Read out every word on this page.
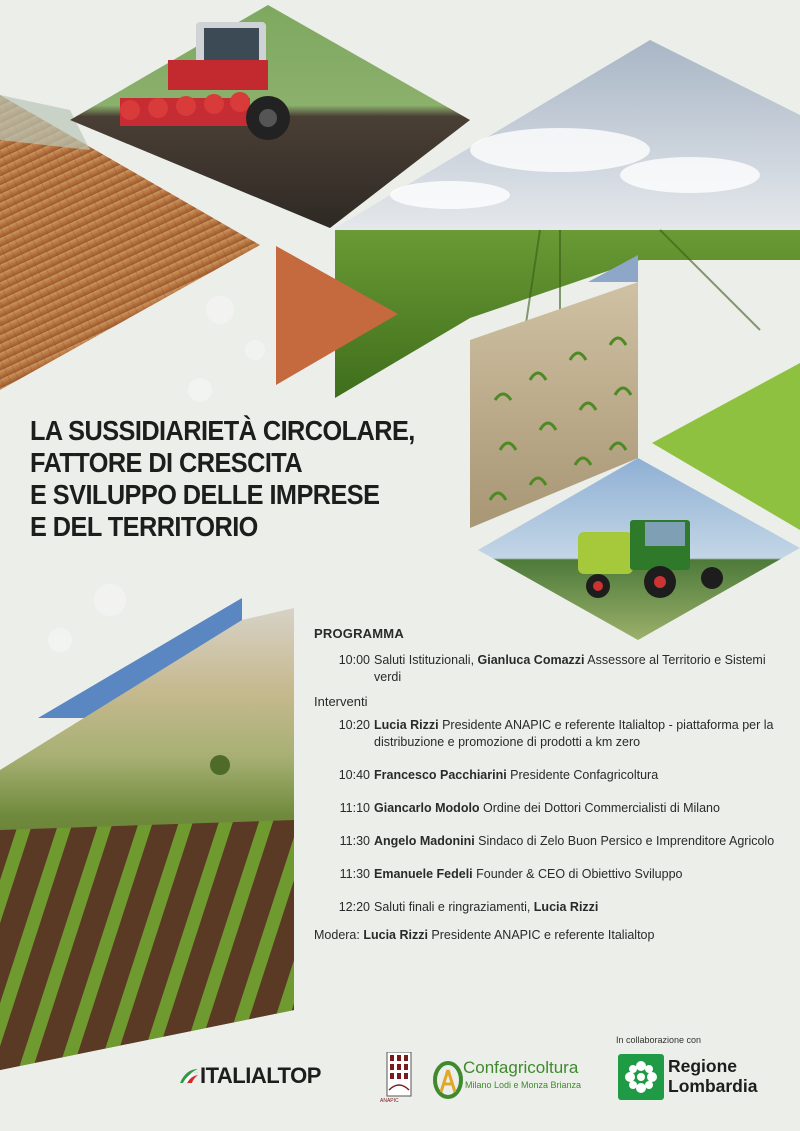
LA SUSSIDIARIETÀ CIRCOLARE,
FATTORE DI CRESCITA
E SVILUPPO DELLE IMPRESE
E DEL TERRITORIO
PROGRAMMA
10:00 Saluti Istituzionali, Gianluca Comazzi Assessore al Territorio e Sistemi verdi
Interventi
10:20 Lucia Rizzi Presidente ANAPIC e referente Italialtop - piattaforma per la distribuzione e promozione di prodotti a km zero
10:40 Francesco Pacchiarini Presidente Confagricoltura
11:10 Giancarlo Modolo Ordine dei Dottori Commercialisti di Milano
11:30 Angelo Madonini Sindaco di Zelo Buon Persico e Imprenditore Agricolo
11:30 Emanuele Fedeli Founder & CEO di Obiettivo Sviluppo
12:20 Saluti finali e ringraziamenti, Lucia Rizzi
Modera: Lucia Rizzi Presidente ANAPIC e referente Italialtop
In collaborazione con
ITALIALTOP
ANAPIC
Confagricoltura
Milano Lodi e Monza Brianza
Regione
Lombardia
